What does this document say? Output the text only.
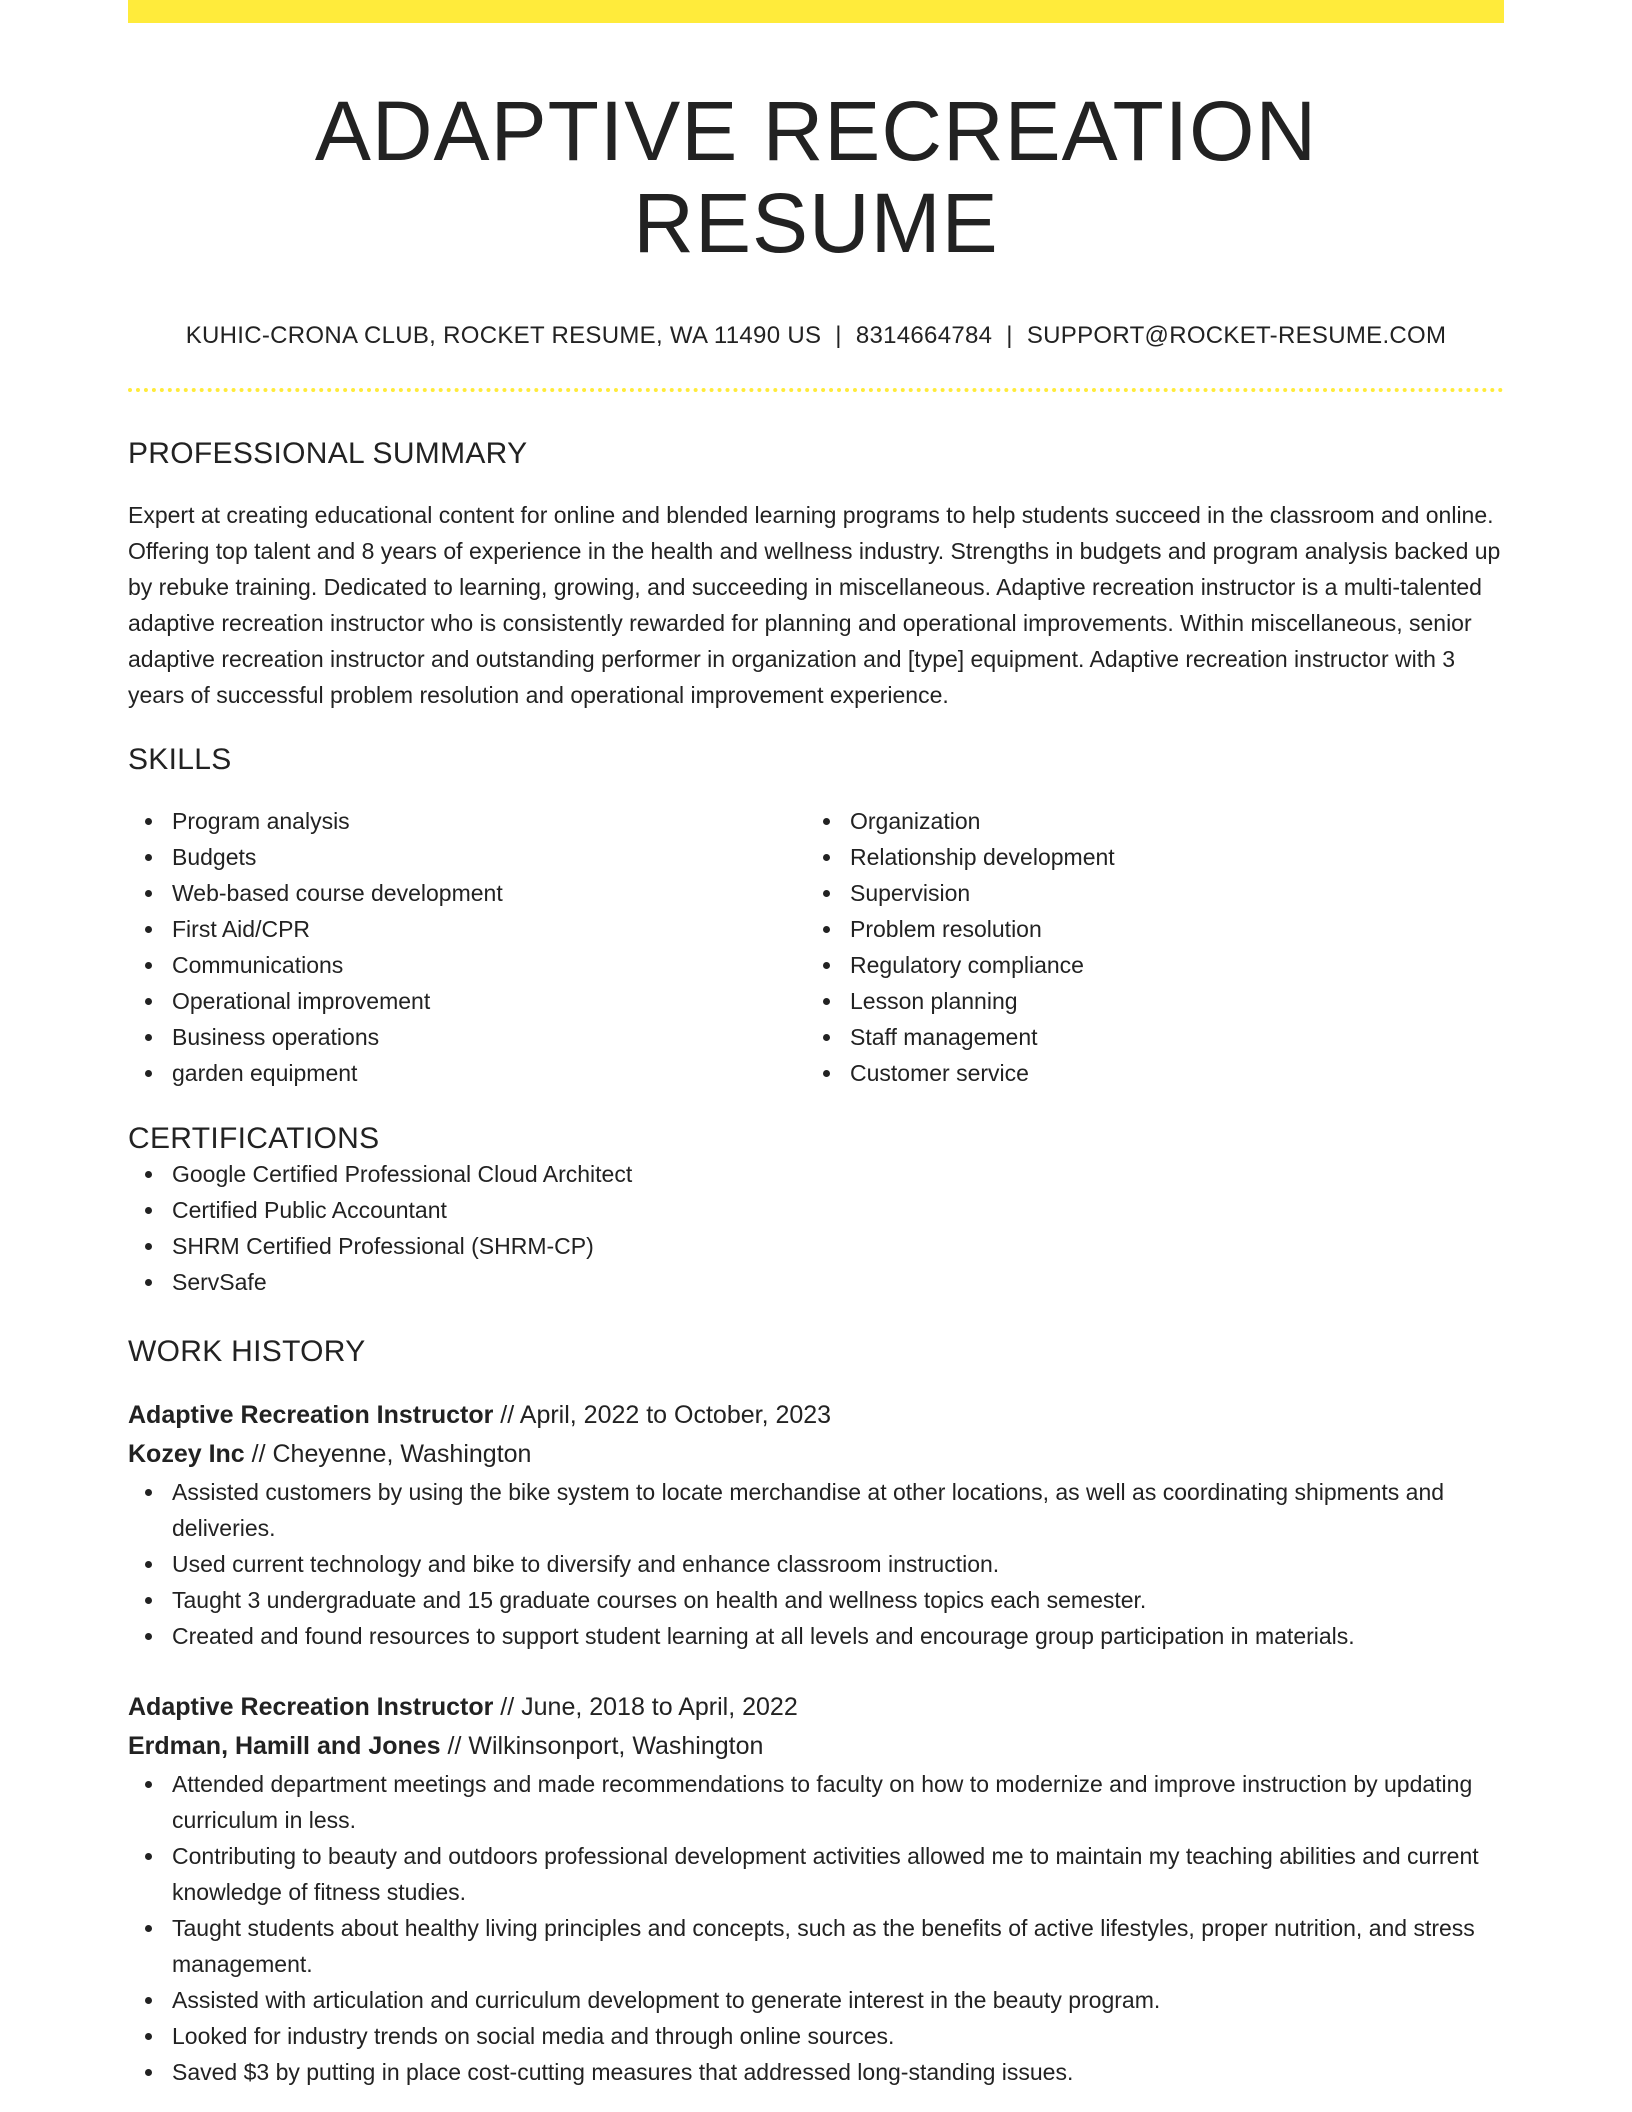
ADAPTIVE RECREATION RESUME
KUHIC-CRONA CLUB, ROCKET RESUME, WA 11490 US | 8314664784 | SUPPORT@ROCKET-RESUME.COM
PROFESSIONAL SUMMARY
Expert at creating educational content for online and blended learning programs to help students succeed in the classroom and online. Offering top talent and 8 years of experience in the health and wellness industry. Strengths in budgets and program analysis backed up by rebuke training. Dedicated to learning, growing, and succeeding in miscellaneous. Adaptive recreation instructor is a multi-talented adaptive recreation instructor who is consistently rewarded for planning and operational improvements. Within miscellaneous, senior adaptive recreation instructor and outstanding performer in organization and [type] equipment. Adaptive recreation instructor with 3 years of successful problem resolution and operational improvement experience.
SKILLS
Program analysis
Budgets
Web-based course development
First Aid/CPR
Communications
Operational improvement
Business operations
garden equipment
Organization
Relationship development
Supervision
Problem resolution
Regulatory compliance
Lesson planning
Staff management
Customer service
CERTIFICATIONS
Google Certified Professional Cloud Architect
Certified Public Accountant
SHRM Certified Professional (SHRM-CP)
ServSafe
WORK HISTORY
Adaptive Recreation Instructor // April, 2022 to October, 2023
Kozey Inc // Cheyenne, Washington
Assisted customers by using the bike system to locate merchandise at other locations, as well as coordinating shipments and deliveries.
Used current technology and bike to diversify and enhance classroom instruction.
Taught 3 undergraduate and 15 graduate courses on health and wellness topics each semester.
Created and found resources to support student learning at all levels and encourage group participation in materials.
Adaptive Recreation Instructor // June, 2018 to April, 2022
Erdman, Hamill and Jones // Wilkinsonport, Washington
Attended department meetings and made recommendations to faculty on how to modernize and improve instruction by updating curriculum in less.
Contributing to beauty and outdoors professional development activities allowed me to maintain my teaching abilities and current knowledge of fitness studies.
Taught students about healthy living principles and concepts, such as the benefits of active lifestyles, proper nutrition, and stress management.
Assisted with articulation and curriculum development to generate interest in the beauty program.
Looked for industry trends on social media and through online sources.
Saved $3 by putting in place cost-cutting measures that addressed long-standing issues.
